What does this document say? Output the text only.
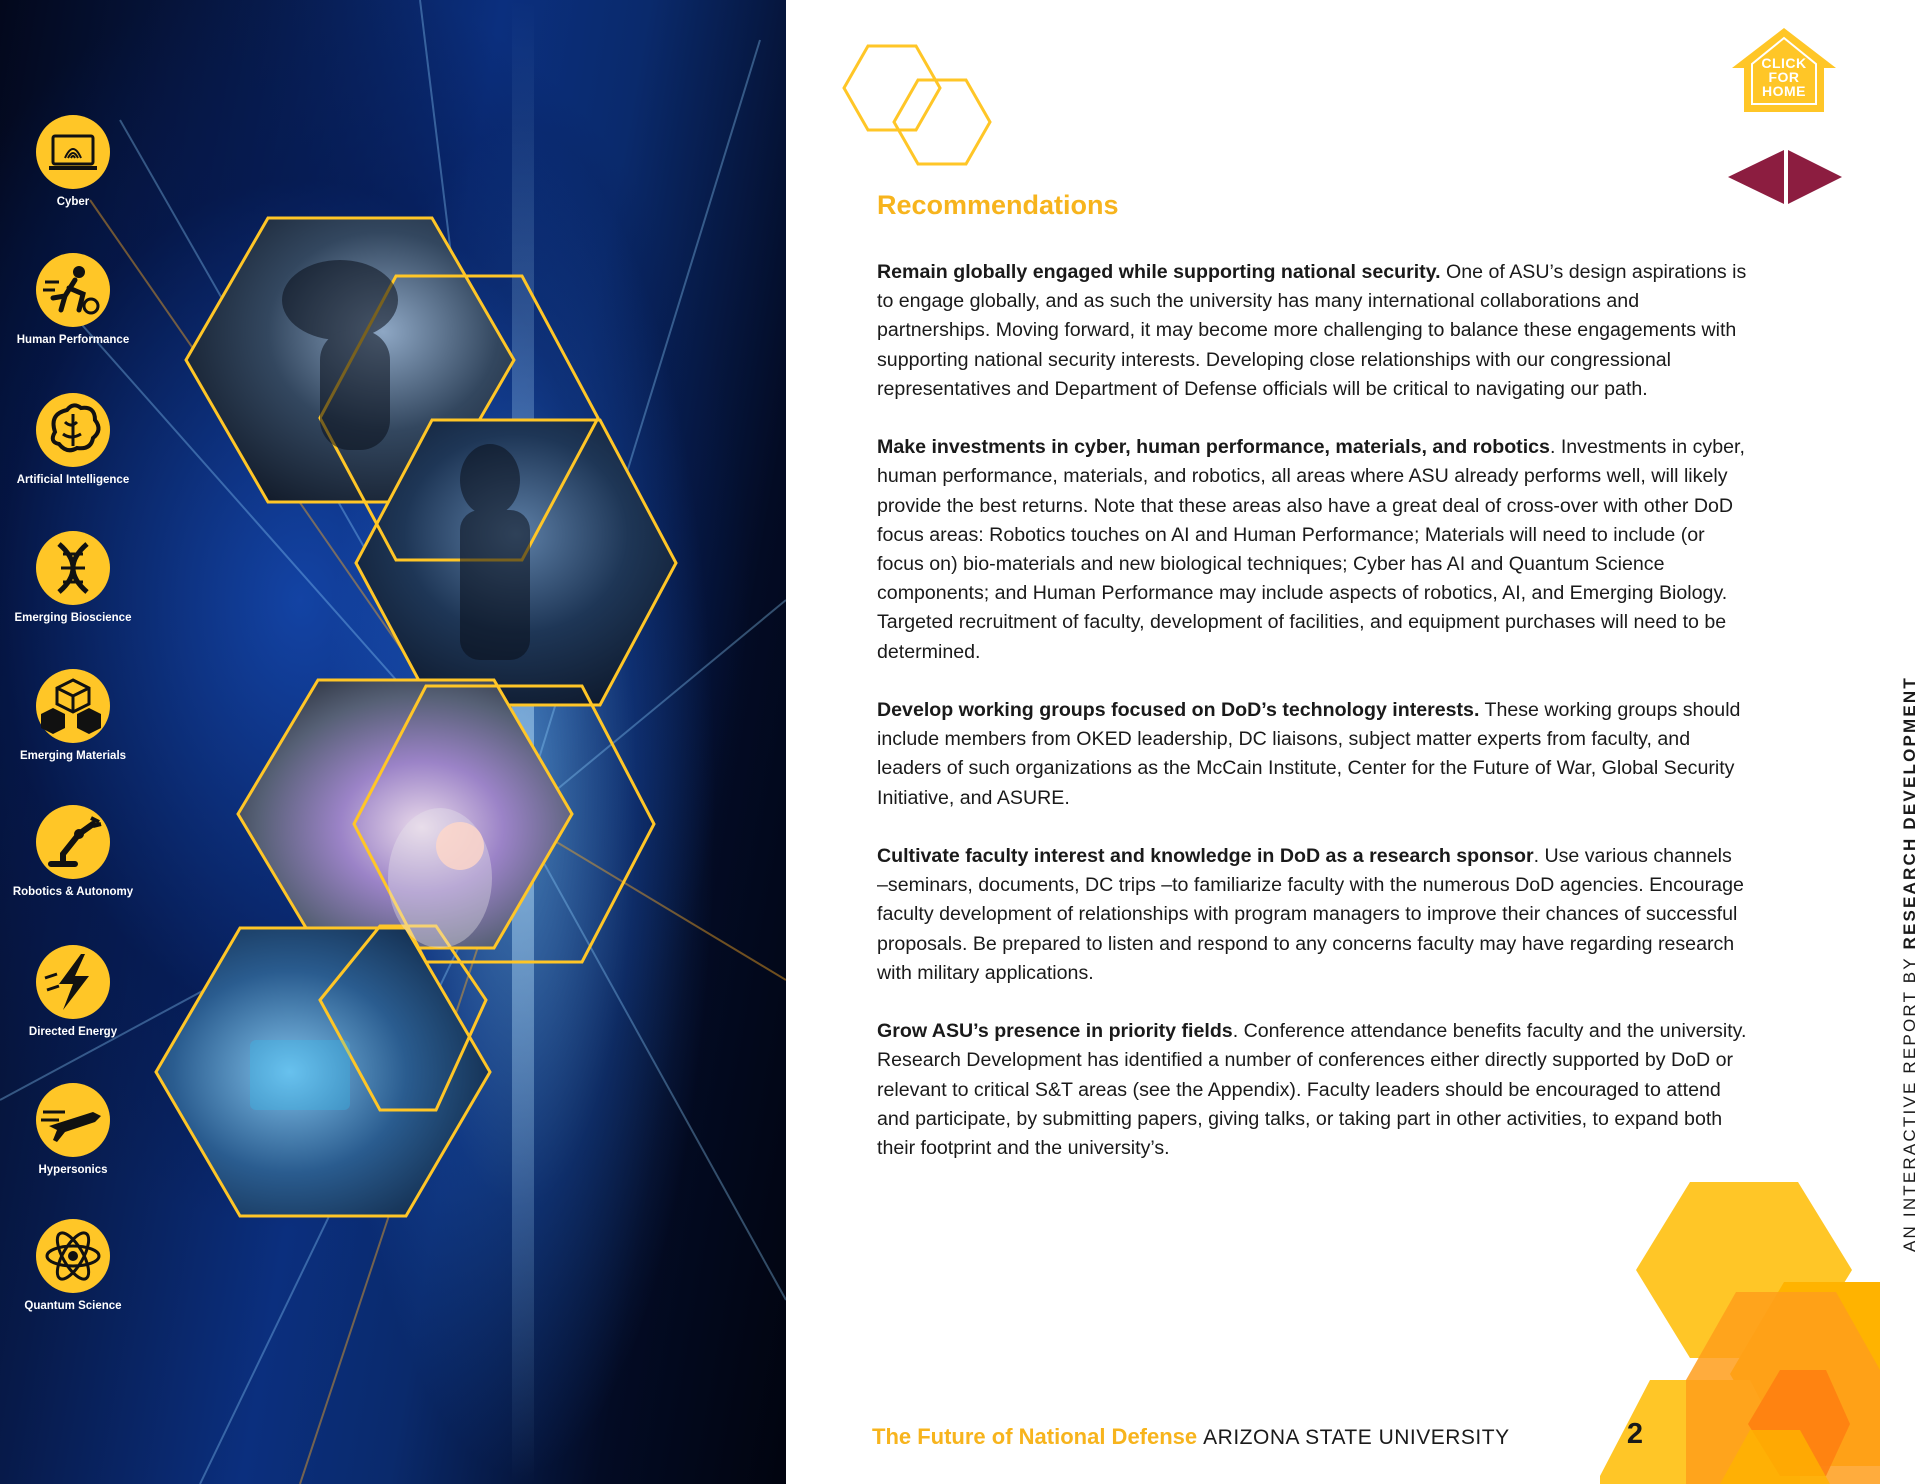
Cyber
Human Performance
Artificial Intelligence
Emerging Bioscience
Emerging Materials
Robotics & Autonomy
Directed Energy
Hypersonics
Quantum Science
CLICK
FOR
HOME
Recommendations

Remain globally engaged while supporting national security. One of ASU’s design aspirations is to engage globally, and as such the university has many international collaborations and partnerships. Moving forward, it may become more challenging to balance these engagements with supporting national security interests. Developing close relationships with our congressional representatives and Department of Defense officials will be critical to navigating our path.

Make investments in cyber, human performance, materials, and robotics. Investments in cyber, human performance, materials, and robotics, all areas where ASU already performs well, will likely provide the best returns. Note that these areas also have a great deal of cross-over with other DoD focus areas: Robotics touches on AI and Human Performance; Materials will need to include (or focus on) bio-materials and new biological techniques; Cyber has AI and Quantum Science components; and Human Performance may include aspects of robotics, AI, and Emerging Biology. Targeted recruitment of faculty, development of facilities, and equipment purchases will need to be determined.

Develop working groups focused on DoD’s technology interests. These working groups should include members from OKED leadership, DC liaisons, subject matter experts from faculty, and leaders of such organizations as the McCain Institute, Center for the Future of War, Global Security Initiative, and ASURE.

Cultivate faculty interest and knowledge in DoD as a research sponsor. Use various channels –seminars, documents, DC trips –to familiarize faculty with the numerous DoD agencies. Encourage faculty development of relationships with program managers to improve their chances of successful proposals. Be prepared to listen and respond to any concerns faculty may have regarding research with military applications.

Grow ASU’s presence in priority fields. Conference attendance benefits faculty and the university. Research Development has identified a number of conferences either directly supported by DoD or relevant to critical S&T areas (see the Appendix). Faculty leaders should be encouraged to attend and participate, by submitting papers, giving talks, or taking part in other activities, to expand both their footprint and the university’s.	AN INTERACTIVE REPORT BY RESEARCH DEVELOPMENT
The Future of National Defense ARIZONA STATE UNIVERSITY	2
